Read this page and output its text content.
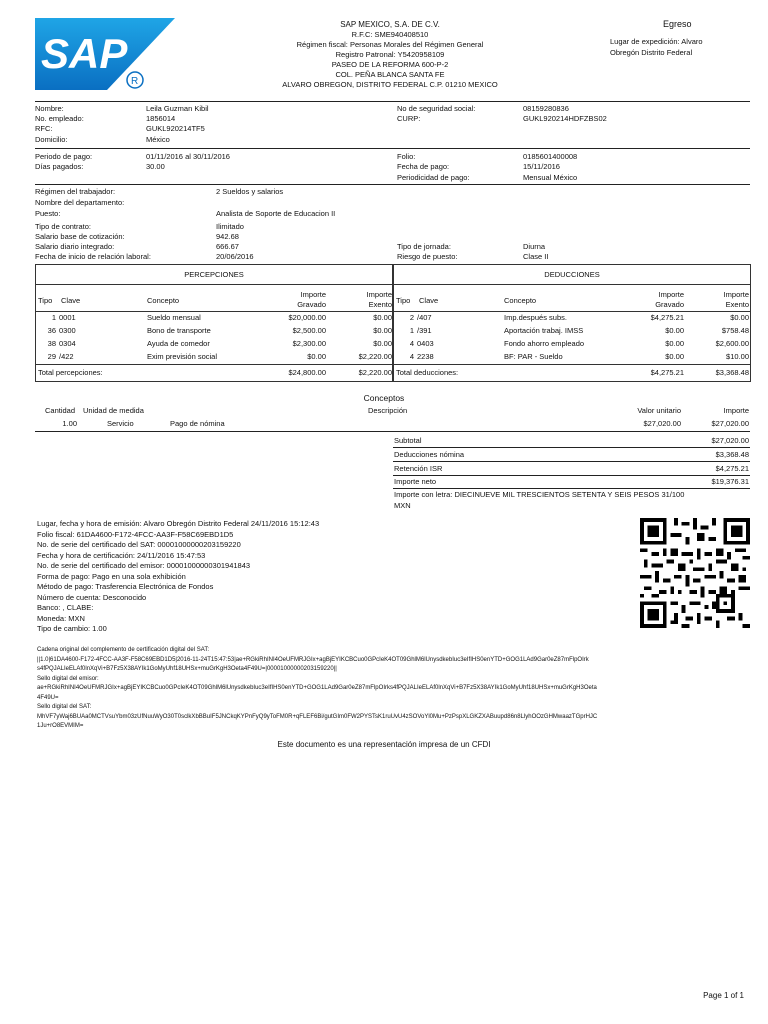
SAP
R
SAP MEXICO, S.A. DE C.V.
R.F.C: SME940408510
Régimen fiscal: Personas Morales del Régimen General
Registro Patronal: Y5420958109
PASEO DE LA REFORMA 600-P-2
COL. PEÑA BLANCA SANTA FE
ALVARO OBREGON, DISTRITO FEDERAL C.P. 01210 MEXICO
Egreso
Lugar de expedición: Alvaro
Obregón Distrito Federal
Nombre:	Leila Guzman Kibil	No de seguridad social:	08159280836
No. empleado:	1856014	CURP:	GUKL920214HDFZBS02
RFC:	GUKL920214TF5
Domicilio:	México
Periodo de pago:	01/11/2016 al 30/11/2016	Folio:	0185601400008
Días pagados:	30.00	Fecha de pago:	15/11/2016
Periodicidad de pago:	Mensual México
Régimen del trabajador:	2 Sueldos y salarios
Nombre del departamento:
Puesto:	Analista de Soporte de Educacion II
Tipo de contrato:	Ilimitado
Salario base de cotización:	942.68
Salario diario integrado:	666.67	Tipo de jornada:	Diurna
Fecha de inicio de relación laboral:	20/06/2016	Riesgo de puesto:	Clase II
PERCEPCIONES
Tipo Clave	Concepto
Importe
Gravado
Importe
Exento
1 0001	Sueldo mensual	$20,000.00	$0.00
36 0300	Bono de transporte	$2,500.00	$0.00
38 0304	Ayuda de comedor	$2,300.00	$0.00
29 /422	Exim previsión social	$0.00	$2,220.00
Total percepciones:	$24,800.00	$2,220.00
DEDUCCIONES
Tipo Clave	Concepto
Importe
Gravado
Importe
Exento
2 /407	Imp.después subs.	$4,275.21	$0.00
1 /391	Aportación trabaj. IMSS	$0.00	$758.48
4 0403	Fondo ahorro empleado	$0.00	$2,600.00
4 2238	BF: PAR - Sueldo	$0.00	$10.00
Total deducciones:	$4,275.21	$3,368.48
Conceptos
Cantidad Unidad de medida	Descripción	Valor unitario	Importe
1.00	Servicio	Pago de nómina	$27,020.00	$27,020.00
Subtotal	$27,020.00
Deducciones nómina	$3,368.48
Retención ISR	$4,275.21
Importe neto	$19,376.31
Importe con letra: DIECINUEVE MIL TRESCIENTOS SETENTA Y SEIS PESOS 31/100
MXN
Lugar, fecha y hora de emisión: Alvaro Obregón Distrito Federal 24/11/2016 15:12:43
Folio fiscal: 61DA4600-F172-4FCC-AA3F-F58C69EBD1D5
No. de serie del certificado del SAT: 00001000000203159220
Fecha y hora de certificación: 24/11/2016 15:47:53
No. de serie del certificado del emisor: 00001000000301941843
Forma de pago: Pago en una sola exhibición
Método de pago: Trasferencia Electrónica de Fondos
Número de cuenta: Desconocido
Banco: , CLABE:
Moneda: MXN
Tipo de cambio: 1.00
Cadena original del complemento de certificación digital del SAT:
||1.0|61DA4600-F172-4FCC-AA3F-F58C69EBD1D5|2016-11-24T15:47:53|ae+RGkiRhINI4OeUFMRJGIx+agBjEYIKCBCuo0GPcIeK4OT09GhlM6lUnysdkebIuc3eIfIHS0enYTD+GOG1LAd9Gar0eZ87mFlpOIrk
s4fPQJALIeELAf0lnXqVi+B7Fz5X38AYIk1GoMyUhf18UHSx+muGrKgH3Oeta4F49U=|00001000000203159220||
Sello digital del emisor:
ae+RGkiRhINI4OeUFMRJGIx+agBjEYIKCBCuo0GPcIeK4OT09GhlM6lUnysdkebIuc3eIfIHS0enYTD+GOG1LAd9Gar0eZ87mFlpOIrks4fPQJALIeELAf0lnXqVi+B7Fz5X38AYIk1GoMyUhf18UHSx+muGrKgH3Oeta
4F49U=
Sello digital del SAT:
MhVF7yWaj6BUAa0MCTVsuYbm03zUfNuuWyO30T0sclkXbBBuIF5JNCkqKYPnFyQ9yToFM0R+qFLEF6Bi/gutGIm0FW2PYSTsK1ruUvU4zSOVoYl0Mu+PzPspXLGKZXABuupd86n8LlyhOOzGHMwaazTGprHJC
1Ju+rO8EVMIM=
Este documento es una representación impresa de un CFDI
Page 1 of 1
